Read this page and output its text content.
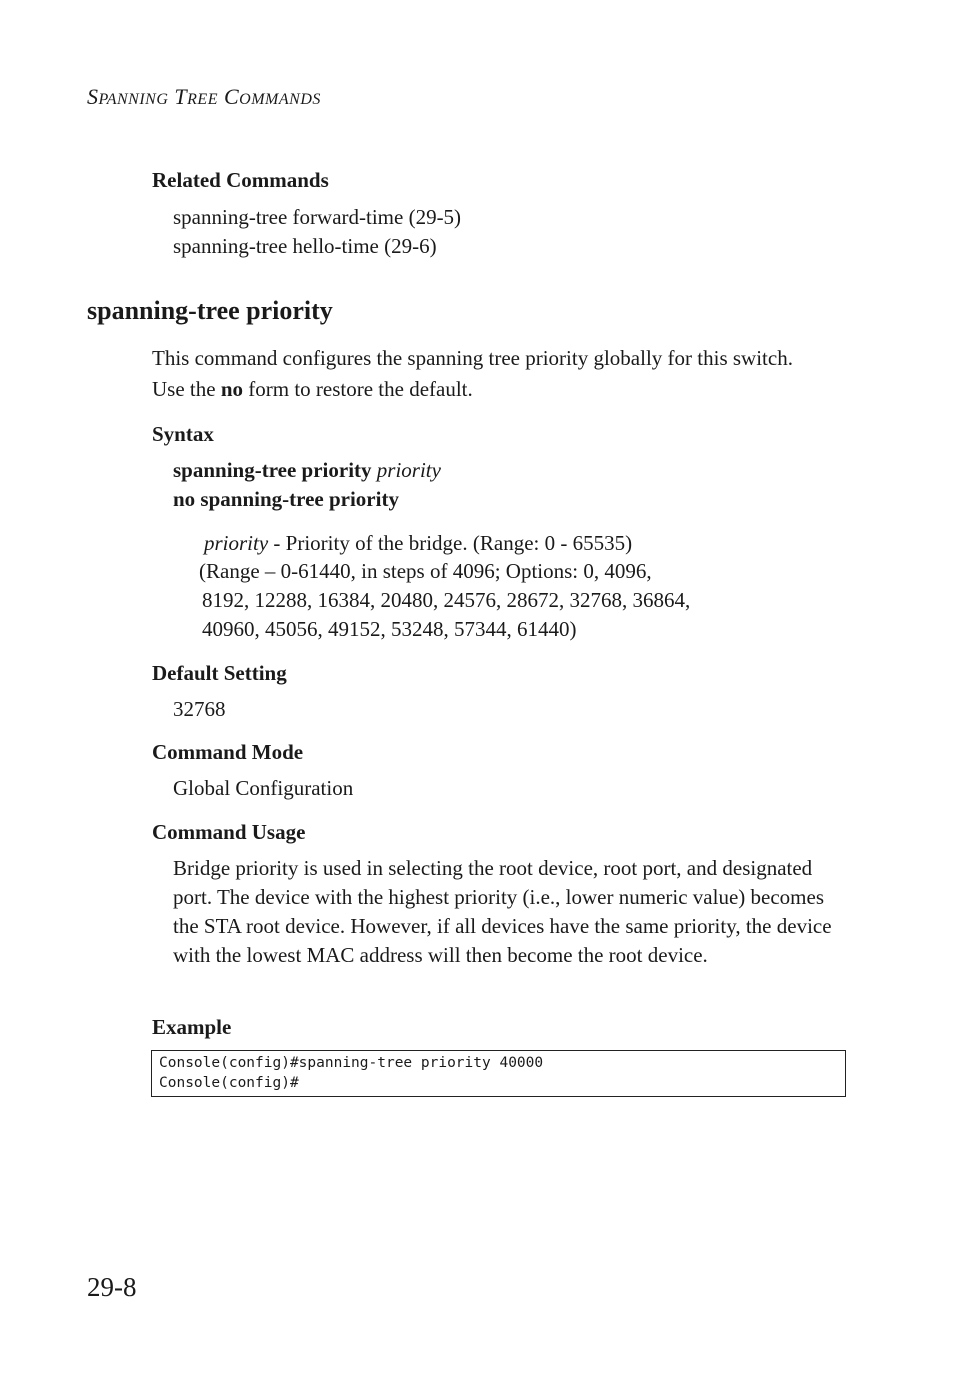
SPANNING TREE COMMANDS
Related Commands
spanning-tree forward-time (29-5)
spanning-tree hello-time (29-6)
spanning-tree priority
This command configures the spanning tree priority globally for this switch. Use the no form to restore the default.
Syntax
spanning-tree priority priority
no spanning-tree priority
priority - Priority of the bridge. (Range: 0 - 65535)
(Range – 0-61440, in steps of 4096; Options: 0, 4096,
8192, 12288, 16384, 20480, 24576, 28672, 32768, 36864,
40960, 45056, 49152, 53248, 57344, 61440)
Default Setting
32768
Command Mode
Global Configuration
Command Usage
Bridge priority is used in selecting the root device, root port, and designated port. The device with the highest priority (i.e., lower numeric value) becomes the STA root device. However, if all devices have the same priority, the device with the lowest MAC address will then become the root device.
Example
Console(config)#spanning-tree priority 40000
Console(config)#
29-8
